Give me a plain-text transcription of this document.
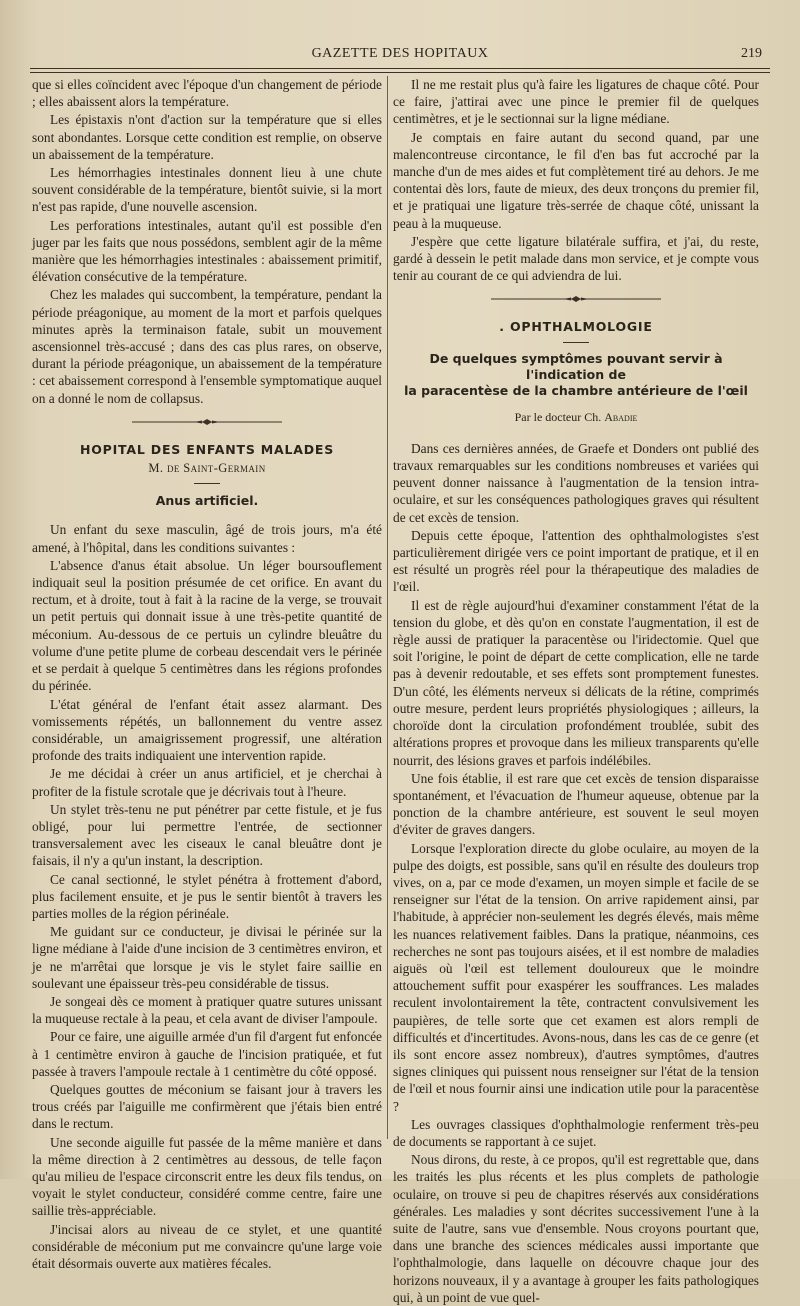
GAZETTE DES HOPITAUX	219

que si elles coïncident avec l'époque d'un changement de période ; elles abaissent alors la température.

Les épistaxis n'ont d'action sur la température que si elles sont abondantes. Lorsque cette condition est remplie, on observe un abaissement de la température.

Les hémorrhagies intestinales donnent lieu à une chute souvent considérable de la température, bientôt suivie, si la mort n'est pas rapide, d'une nouvelle ascension.

Les perforations intestinales, autant qu'il est possible d'en juger par les faits que nous possédons, semblent agir de la même manière que les hémorrhagies intestinales : abaissement primitif, élévation consécutive de la température.

Chez les malades qui succombent, la température, pendant la période préagonique, au moment de la mort et parfois quelques minutes après la terminaison fatale, subit un mouvement ascensionnel très-accusé ; dans des cas plus rares, on observe, durant la période préagonique, un abaissement de la température : cet abaissement correspond à l'ensemble symptomatique auquel on a donné le nom de collapsus.

HOPITAL DES ENFANTS MALADES
M. de Saint-Germain
Anus artificiel.

Un enfant du sexe masculin, âgé de trois jours, m'a été amené, à l'hôpital, dans les conditions suivantes :

L'absence d'anus était absolue. Un léger boursouflement indiquait seul la position présumée de cet orifice. En avant du rectum, et à droite, tout à fait à la racine de la verge, se trouvait un petit pertuis qui donnait issue à une très-petite quantité de méconium. Au-dessous de ce pertuis un cylindre bleuâtre du volume d'une petite plume de corbeau descendait vers le périnée et se perdait à quelque 5 centimètres dans les régions profondes du périnée.

L'état général de l'enfant était assez alarmant. Des vomissements répétés, un ballonnement du ventre assez considérable, un amaigrissement progressif, une altération profonde des traits indiquaient une intervention rapide.

Je me décidai à créer un anus artificiel, et je cherchai à profiter de la fistule scrotale que je décrivais tout à l'heure.

Un stylet très-tenu ne put pénétrer par cette fistule, et je fus obligé, pour lui permettre l'entrée, de sectionner transversalement avec les ciseaux le canal bleuâtre dont je faisais, il n'y a qu'un instant, la description.

Ce canal sectionné, le stylet pénétra à frottement d'abord, plus facilement ensuite, et je pus le sentir bientôt à travers les parties molles de la région périnéale.

Me guidant sur ce conducteur, je divisai le périnée sur la ligne médiane à l'aide d'une incision de 3 centimètres environ, et je ne m'arrêtai que lorsque je vis le stylet faire saillie en soulevant une épaisseur très-peu considérable de tissus.

Je songeai dès ce moment à pratiquer quatre sutures unissant la muqueuse rectale à la peau, et cela avant de diviser l'ampoule.

Pour ce faire, une aiguille armée d'un fil d'argent fut enfoncée à 1 centimètre environ à gauche de l'incision pratiquée, et fut passée à travers l'ampoule rectale à 1 centimètre du côté opposé.

Quelques gouttes de méconium se faisant jour à travers les trous créés par l'aiguille me confirmèrent que j'étais bien entré dans le rectum.

Une seconde aiguille fut passée de la même manière et dans la même direction à 2 centimètres au dessous, de telle façon qu'au milieu de l'espace circonscrit entre les deux fils tendus, on voyait le stylet conducteur, considéré comme centre, faire une saillie très-appréciable.

J'incisai alors au niveau de ce stylet, et une quantité considérable de méconium put me convaincre qu'une large voie était désormais ouverte aux matières fécales.

Il ne me restait plus qu'à faire les ligatures de chaque côté. Pour ce faire, j'attirai avec une pince le premier fil de quelques centimètres, et je le sectionnai sur la ligne médiane.

Je comptais en faire autant du second quand, par une malencontreuse circontance, le fil d'en bas fut accroché par la manche d'un de mes aides et fut complètement tiré au dehors. Je me contentai dès lors, faute de mieux, des deux tronçons du premier fil, et je pratiquai une ligature très-serrée de chaque côté, unissant la peau à la muqueuse.

J'espère que cette ligature bilatérale suffira, et j'ai, du reste, gardé à dessein le petit malade dans mon service, et je compte vous tenir au courant de ce qui adviendra de lui.

. OPHTHALMOLOGIE
De quelques symptômes pouvant servir à l'indication de
la paracentèse de la chambre antérieure de l'œil
Par le docteur Ch. Abadie

Dans ces dernières années, de Graefe et Donders ont publié des travaux remarquables sur les conditions nombreuses et variées qui peuvent donner naissance à l'augmentation de la tension intra-oculaire, et sur les conséquences pathologiques graves qui résultent de cet excès de tension.

Depuis cette époque, l'attention des ophthalmologistes s'est particulièrement dirigée vers ce point important de pratique, et il en est résulté un progrès réel pour la thérapeutique des maladies de l'œil.

Il est de règle aujourd'hui d'examiner constamment l'état de la tension du globe, et dès qu'on en constate l'augmentation, il est de règle aussi de pratiquer la paracentèse ou l'iridectomie. Quel que soit l'origine, le point de départ de cette complication, elle ne tarde pas à devenir redoutable, et ses effets sont promptement funestes. D'un côté, les éléments nerveux si délicats de la rétine, comprimés outre mesure, perdent leurs propriétés physiologiques ; ailleurs, la choroïde dont la circulation profondément troublée, subit des altérations propres et provoque dans les milieux transparents qu'elle nourrit, des lésions graves et parfois indélébiles.

Une fois établie, il est rare que cet excès de tension disparaisse spontanément, et l'évacuation de l'humeur aqueuse, obtenue par la ponction de la chambre antérieure, est souvent le seul moyen d'éviter de graves dangers.

Lorsque l'exploration directe du globe oculaire, au moyen de la pulpe des doigts, est possible, sans qu'il en résulte des douleurs trop vives, on a, par ce mode d'examen, un moyen simple et facile de se renseigner sur l'état de la tension. On arrive rapidement ainsi, par l'habitude, à apprécier non-seulement les degrés élevés, mais même les nuances relativement faibles. Dans la pratique, néanmoins, ces recherches ne sont pas toujours aisées, et il est nombre de maladies aiguës où l'œil est tellement douloureux que le moindre attouchement suffit pour exaspérer les souffrances. Les malades reculent involontairement la tête, contractent convulsivement les paupières, de telle sorte que cet examen est alors rempli de difficultés et d'incertitudes. Avons-nous, dans les cas de ce genre (et ils sont encore assez nombreux), d'autres symptômes, d'autres signes cliniques qui puissent nous renseigner sur l'état de la tension de l'œil et nous fournir ainsi une indication utile pour la paracentèse ?

Les ouvrages classiques d'ophthalmologie renferment très-peu de documents se rapportant à ce sujet.

Nous dirons, du reste, à ce propos, qu'il est regrettable que, dans les traités les plus récents et les plus complets de pathologie oculaire, on trouve si peu de chapitres réservés aux considérations générales. Les maladies y sont décrites successivement l'une à la suite de l'autre, sans vue d'ensemble. Nous croyons pourtant que, dans une branche des sciences médicales aussi importante que l'ophthalmologie, dans laquelle on découvre chaque jour des horizons nouveaux, il y a avantage à grouper les faits pathologiques qui, à un point de vue quel-
